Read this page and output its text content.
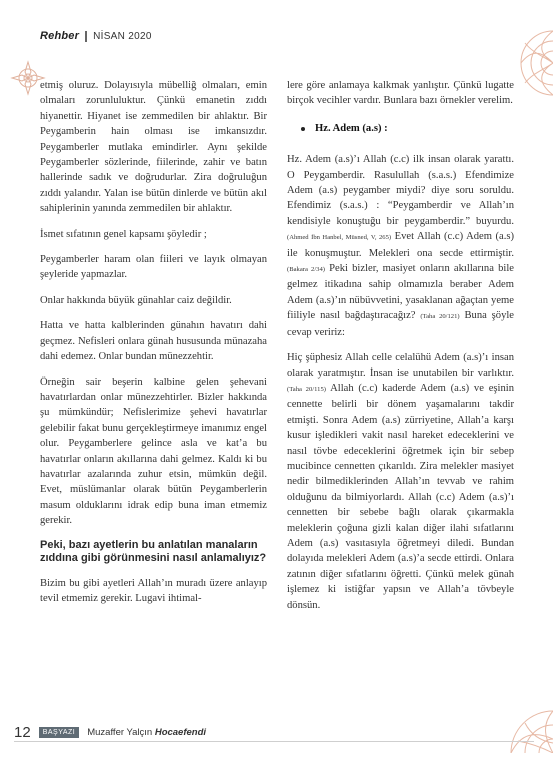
Rehber NİSAN 2020

etmiş oluruz. Dolayısıyla mübelliğ olmaları, emin olmaları zorunluluktur. Çünkü emanetin zıddı hiyanettir. Hiyanet ise zemmedilen bir ahlaktır. Bir Peygamberin hain olması ise imkansızdır. Peygamberler mutlaka emindirler. Aynı şekilde Peygamberler sözlerinde, fiilerinde, zahir ve batın hallerinde sadık ve doğrudurlar. Zira doğruluğun zıddı yalandır. Yalan ise bütün dinlerde ve bütün akıl sahiplerinin yanında zemmedilen bir ahlaktır.

İsmet sıfatının genel kapsamı şöyledir ;

Peygamberler haram olan fiileri ve layık olmayan şeyleride yapmazlar.

Onlar hakkında büyük günahlar caiz değildir.

Hatta ve hatta kalblerinden günahın havatırı dahi geçmez. Nefisleri onlara günah hususunda münazaha dahi edemez. Onlar bundan münezzehtir.

Örneğin sair beşerin kalbine gelen şehevani havatırlardan onlar münezzehtirler. Bizler hakkında şu mümkündür; Nefislerimize şehevi havatırlar gelebilir fakat bunu gerçekleştirmeye imanımız engel olur. Peygamberlere gelince asla ve kat’a bu havatırlar onların akıllarına dahi gelmez. Kaldı ki bu havatırlar azalarında zuhur etsin, mümkün değil. Evet, müslümanlar olarak bütün Peygamberlerin masum olduklarını idrak edip buna iman etmemiz gerekir.

Peki, bazı ayetlerin bu anlatılan manaların zıddına gibi görünmesini nasıl anlamalıyız?

Bizim bu gibi ayetleri Allah’ın muradı üzere anlayıp tevil etmemiz gerekir. Lugavi ihtimal-

lere göre anlamaya kalkmak yanlıştır. Çünkü lugatte birçok vecihler vardır. Bunlara bazı örnekler verelim.

Hz. Adem (a.s) :

Hz. Adem (a.s)’ı Allah (c.c) ilk insan olarak yarattı. O Peygamberdir. Rasulullah (s.a.s.) Efendimize Adem (a.s) peygamber miydi? diye soru soruldu. Efendimiz (s.a.s.) : “Peygamberdir ve Allah’ın kendisiyle konuştuğu bir peygamberdir.” buyurdu. (Ahmed İbn Hanbel, Müsned, V, 265) Evet Allah (c.c) Adem (a.s) ile konuşmuştur. Melekleri ona secde ettirmiştir. (Bakara 2/34) Peki bizler, masiyet onların akıllarına bile gelmez itikadına sahip olmamızla beraber Adem Adem (a.s)’ın nübüvvetini, yasaklanan ağaçtan yeme fiiliyle nasıl bağdaştıracağız? (Taha 20/121) Buna şöyle cevap veririz:

Hiç şüphesiz Allah celle celalühü Adem (a.s)’ı insan olarak yaratmıştır. İnsan ise unutabilen bir varlıktır. (Taha 20/115) Allah (c.c) kaderde Adem (a.s) ve eşinin cennette belirli bir dönem yaşamalarını takdir etmişti. Sonra Adem (a.s) zürriyetine, Allah’a karşı kusur işledikleri vakit nasıl hareket edeceklerini ve nasıl tövbe edeceklerini öğretmek için bir sebep mucibince cennetten çıkarıldı. Zira melekler masiyet nedir bilmediklerinden Allah’ın tevvab ve rahim olduğunu da bilmiyorlardı. Allah (c.c) Adem (a.s)’ı cennetten bir sebebe bağlı olarak çıkarmakla meleklerin çoğuna gizli kalan diğer ilahi sıfatlarını Adem (a.s) vasıtasıyla öğretmeyi diledi. Bundan dolayıda melekleri Adem (a.s)’a secde ettirdi. Onlara zatının diğer sıfatlarını öğretti. Çünkü melek günah işlemez ki istiğfar yapsın ve Allah’a tövbeyle dönsün.

12	BAŞYAZI	Muzaffer Yalçın Hocaefendi
